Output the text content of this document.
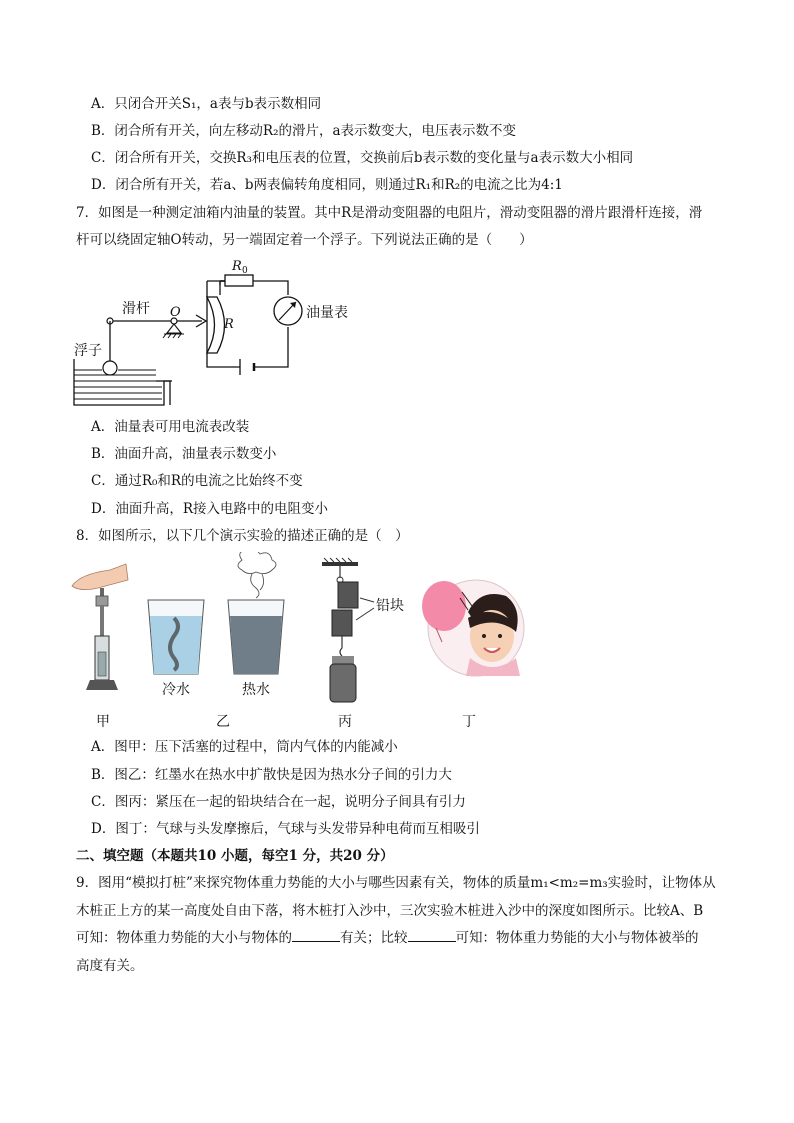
A．只闭合开关S₁，a表与b表示数相同
B．闭合所有开关，向左移动R₂的滑片，a表示数变大，电压表示数不变
C．闭合所有开关，交换R₃和电压表的位置，交换前后b表示数的变化量与a表示数大小相同
D．闭合所有开关，若a、b两表偏转角度相同，则通过R₁和R₂的电流之比为4:1
7．如图是一种测定油箱内油量的装置。其中R是滑动变阻器的电阻片，滑动变阻器的滑片跟滑杆连接，滑
杆可以绕固定轴O转动，另一端固定着一个浮子。下列说法正确的是（　　）
R 0
油量表
R
滑杆 O
浮子
A．油量表可用电流表改装
B．油面升高，油量表示数变小
C．通过R₀和R的电流之比始终不变
D．油面升高，R接入电路中的电阻变小
8．如图所示，以下几个演示实验的描述正确的是（　）
冷水	热水
铅块
甲	乙	丙	丁
A．图甲：压下活塞的过程中，筒内气体的内能减小
B．图乙：红墨水在热水中扩散快是因为热水分子间的引力大
C．图丙：紧压在一起的铅块结合在一起，说明分子间具有引力
D．图丁：气球与头发摩擦后，气球与头发带异种电荷而互相吸引
二、填空题（本题共10 小题，每空1 分，共20 分）
9．图用“模拟打桩”来探究物体重力势能的大小与哪些因素有关，物体的质量m₁<m₂=m₃实验时，让物体从
木桩正上方的某一高度处自由下落，将木桩打入沙中，三次实验木桩进入沙中的深度如图所示。比较A、B
可知：物体重力势能的大小与物体的	有关；比较	可知：物体重力势能的大小与物体被举的
高度有关。
